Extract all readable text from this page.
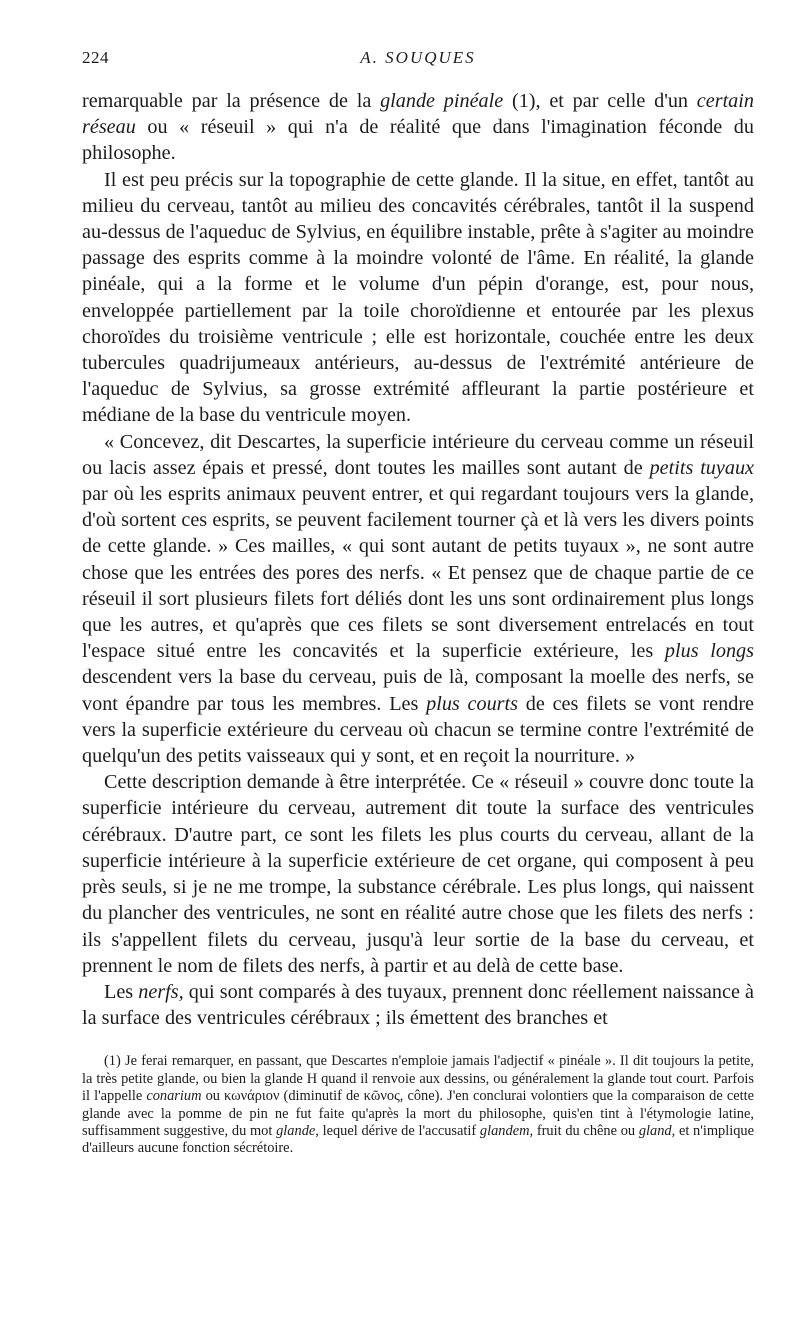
224	A. SOUQUES

remarquable par la présence de la glande pinéale (1), et par celle d'un certain réseau ou « réseuil » qui n'a de réalité que dans l'imagination féconde du philosophe.

Il est peu précis sur la topographie de cette glande. Il la situe, en effet, tantôt au milieu du cerveau, tantôt au milieu des concavités cérébrales, tantôt il la suspend au-dessus de l'aqueduc de Sylvius, en équilibre instable, prête à s'agiter au moindre passage des esprits comme à la moindre volonté de l'âme. En réalité, la glande pinéale, qui a la forme et le volume d'un pépin d'orange, est, pour nous, enveloppée partiellement par la toile choroïdienne et entourée par les plexus choroïdes du troisième ventricule ; elle est horizontale, couchée entre les deux tubercules quadrijumeaux antérieurs, au-dessus de l'extrémité antérieure de l'aqueduc de Sylvius, sa grosse extrémité affleurant la partie postérieure et médiane de la base du ventricule moyen.

« Concevez, dit Descartes, la superficie intérieure du cerveau comme un réseuil ou lacis assez épais et pressé, dont toutes les mailles sont autant de petits tuyaux par où les esprits animaux peuvent entrer, et qui regardant toujours vers la glande, d'où sortent ces esprits, se peuvent facilement tourner çà et là vers les divers points de cette glande. » Ces mailles, « qui sont autant de petits tuyaux », ne sont autre chose que les entrées des pores des nerfs. « Et pensez que de chaque partie de ce réseuil il sort plusieurs filets fort déliés dont les uns sont ordinairement plus longs que les autres, et qu'après que ces filets se sont diversement entrelacés en tout l'espace situé entre les concavités et la superficie extérieure, les plus longs descendent vers la base du cerveau, puis de là, composant la moelle des nerfs, se vont épandre par tous les membres. Les plus courts de ces filets se vont rendre vers la superficie extérieure du cerveau où chacun se termine contre l'extrémité de quelqu'un des petits vaisseaux qui y sont, et en reçoit la nourriture. »

Cette description demande à être interprétée. Ce « réseuil » couvre donc toute la superficie intérieure du cerveau, autrement dit toute la surface des ventricules cérébraux. D'autre part, ce sont les filets les plus courts du cerveau, allant de la superficie intérieure à la superficie extérieure de cet organe, qui composent à peu près seuls, si je ne me trompe, la substance cérébrale. Les plus longs, qui naissent du plancher des ventricules, ne sont en réalité autre chose que les filets des nerfs : ils s'appellent filets du cerveau, jusqu'à leur sortie de la base du cerveau, et prennent le nom de filets des nerfs, à partir et au delà de cette base.

Les nerfs, qui sont comparés à des tuyaux, prennent donc réellement naissance à la surface des ventricules cérébraux ; ils émettent des branches et

(1) Je ferai remarquer, en passant, que Descartes n'emploie jamais l'adjectif « pinéale ». Il dit toujours la petite, la très petite glande, ou bien la glande H quand il renvoie aux dessins, ou généralement la glande tout court. Parfois il l'appelle conarium ou κωνάριον (diminutif de κῶνος, cône). J'en conclurai volontiers que la comparaison de cette glande avec la pomme de pin ne fut faite qu'après la mort du philosophe, quis'en tint à l'étymologie latine, suffisamment suggestive, du mot glande, lequel dérive de l'accusatif glandem, fruit du chêne ou gland, et n'implique d'ailleurs aucune fonction sécrétoire.
